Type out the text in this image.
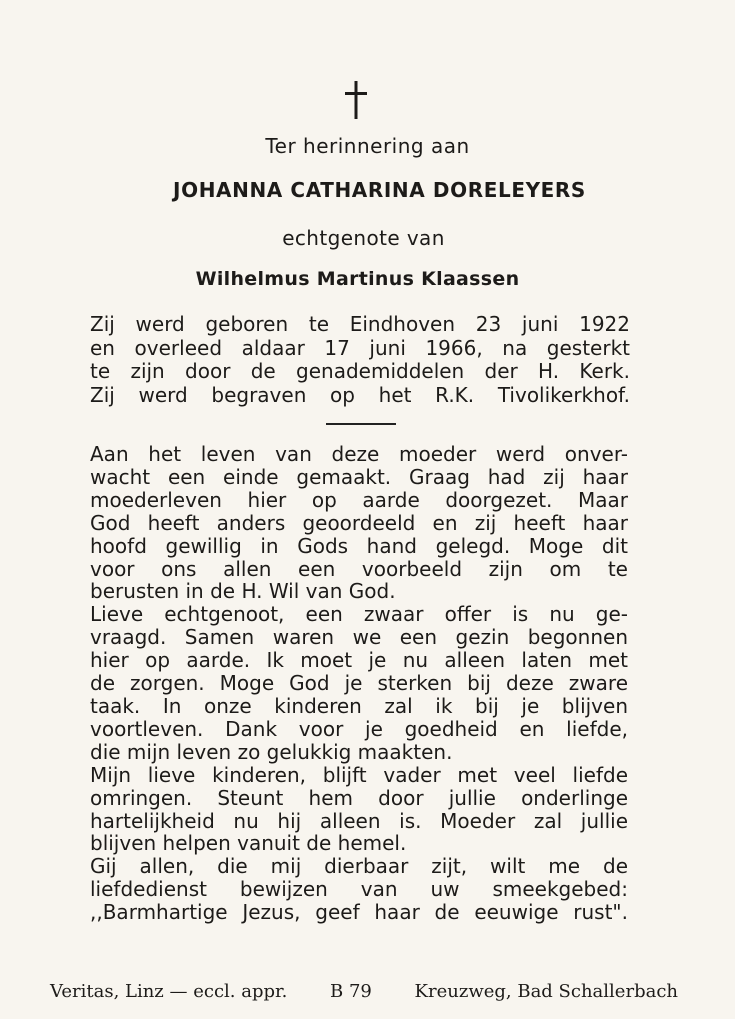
Ter herinnering aan
JOHANNA CATHARINA DORELEYERS
echtgenote van
Wilhelmus Martinus Klaassen

Zij werd geboren te Eindhoven 23 juni 1922

en overleed aldaar 17 juni 1966, na gesterkt

te zijn door de genademiddelen der H. Kerk.

Zij werd begraven op het R.K. Tivolikerkhof.

Aan het leven van deze moeder werd onver-

wacht een einde gemaakt. Graag had zij haar

moederleven hier op aarde doorgezet. Maar

God heeft anders geoordeeld en zij heeft haar

hoofd gewillig in Gods hand gelegd. Moge dit

voor ons allen een voorbeeld zijn om te

berusten in de H. Wil van God.

Lieve echtgenoot, een zwaar offer is nu ge-

vraagd. Samen waren we een gezin begonnen

hier op aarde. Ik moet je nu alleen laten met

de zorgen. Moge God je sterken bij deze zware

taak. In onze kinderen zal ik bij je blijven

voortleven. Dank voor je goedheid en liefde,

die mijn leven zo gelukkig maakten.

Mijn lieve kinderen, blijft vader met veel liefde

omringen. Steunt hem door jullie onderlinge

hartelijkheid nu hij alleen is. Moeder zal jullie

blijven helpen vanuit de hemel.

Gij allen, die mij dierbaar zijt, wilt me de

liefdedienst bewijzen van uw smeekgebed:

,,Barmhartige Jezus, geef haar de eeuwige rust".

Veritas, Linz — eccl. appr. B 79 Kreuzweg, Bad Schallerbach
